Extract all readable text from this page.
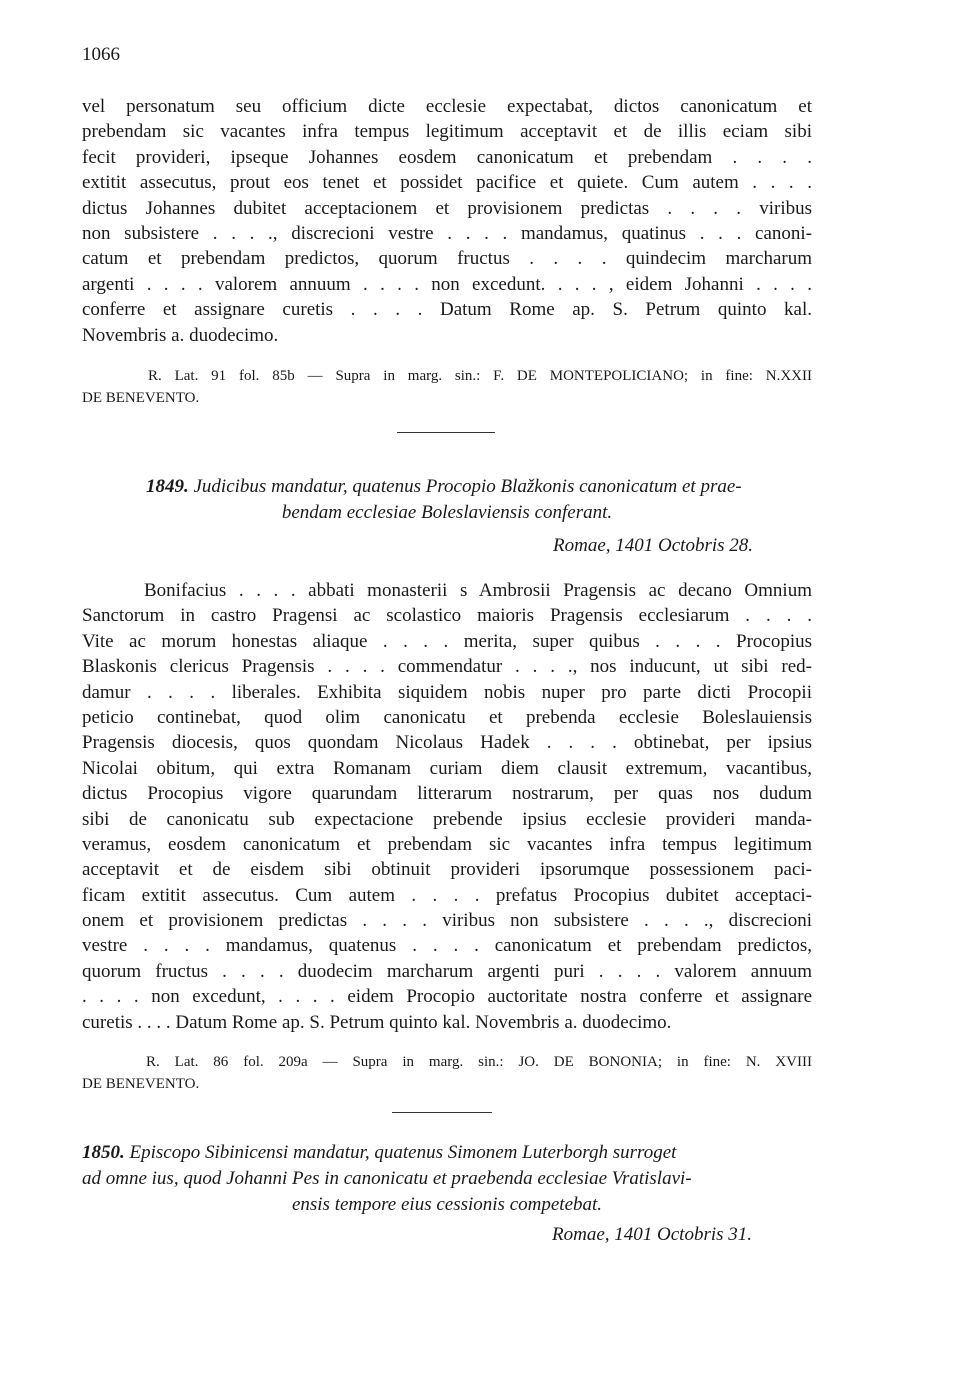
1066
vel personatum seu officium dicte ecclesie expectabat, dictos canonicatum et
prebendam sic vacantes infra tempus legitimum acceptavit et de illis eciam sibi
fecit provideri, ipseque Johannes eosdem canonicatum et prebendam . . . .
extitit assecutus, prout eos tenet et possidet pacifice et quiete. Cum autem . . . .
dictus Johannes dubitet acceptacionem et provisionem predictas . . . . viribus
non subsistere . . . ., discrecioni vestre . . . . mandamus, quatinus . . . canoni-
catum et prebendam predictos, quorum fructus . . . . quindecim marcharum
argenti . . . . valorem annuum . . . . non excedunt. . . . , eidem Johanni . . . .
conferre et assignare curetis . . . . Datum Rome ap. S. Petrum quinto kal.
Novembris a. duodecimo.
R. Lat. 91 fol. 85b — Supra in marg. sin.: F. DE MONTEPOLICIANO; in fine: N.XXII
DE BENEVENTO.
1849. Judicibus mandatur, quatenus Procopio Blažkonis canonicatum et prae-
bendam ecclesiae Boleslaviensis conferant.
Romae, 1401 Octobris 28.
Bonifacius . . . . abbati monasterii s Ambrosii Pragensis ac decano Omnium
Sanctorum in castro Pragensi ac scolastico maioris Pragensis ecclesiarum . . . .
Vite ac morum honestas aliaque . . . . merita, super quibus . . . . Procopius
Blaskonis clericus Pragensis . . . . commendatur . . . ., nos inducunt, ut sibi red-
damur . . . . liberales. Exhibita siquidem nobis nuper pro parte dicti Procopii
peticio continebat, quod olim canonicatu et prebenda ecclesie Boleslauiensis
Pragensis diocesis, quos quondam Nicolaus Hadek . . . . obtinebat, per ipsius
Nicolai obitum, qui extra Romanam curiam diem clausit extremum, vacantibus,
dictus Procopius vigore quarundam litterarum nostrarum, per quas nos dudum
sibi de canonicatu sub expectacione prebende ipsius ecclesie provideri manda-
veramus, eosdem canonicatum et prebendam sic vacantes infra tempus legitimum
acceptavit et de eisdem sibi obtinuit provideri ipsorumque possessionem paci-
ficam extitit assecutus. Cum autem . . . . prefatus Procopius dubitet acceptaci-
onem et provisionem predictas . . . . viribus non subsistere . . . ., discrecioni
vestre . . . . mandamus, quatenus . . . . canonicatum et prebendam predictos,
quorum fructus . . . . duodecim marcharum argenti puri . . . . valorem annuum
. . . . non excedunt, . . . . eidem Procopio auctoritate nostra conferre et assignare
curetis . . . . Datum Rome ap. S. Petrum quinto kal. Novembris a. duodecimo.
R. Lat. 86 fol. 209a — Supra in marg. sin.: JO. DE BONONIA; in fine: N. XVIII
DE BENEVENTO.
1850. Episcopo Sibinicensi mandatur, quatenus Simonem Luterborgh surroget
ad omne ius, quod Johanni Pes in canonicatu et praebenda ecclesiae Vratislavi-
ensis tempore eius cessionis competebat.
Romae, 1401 Octobris 31.
